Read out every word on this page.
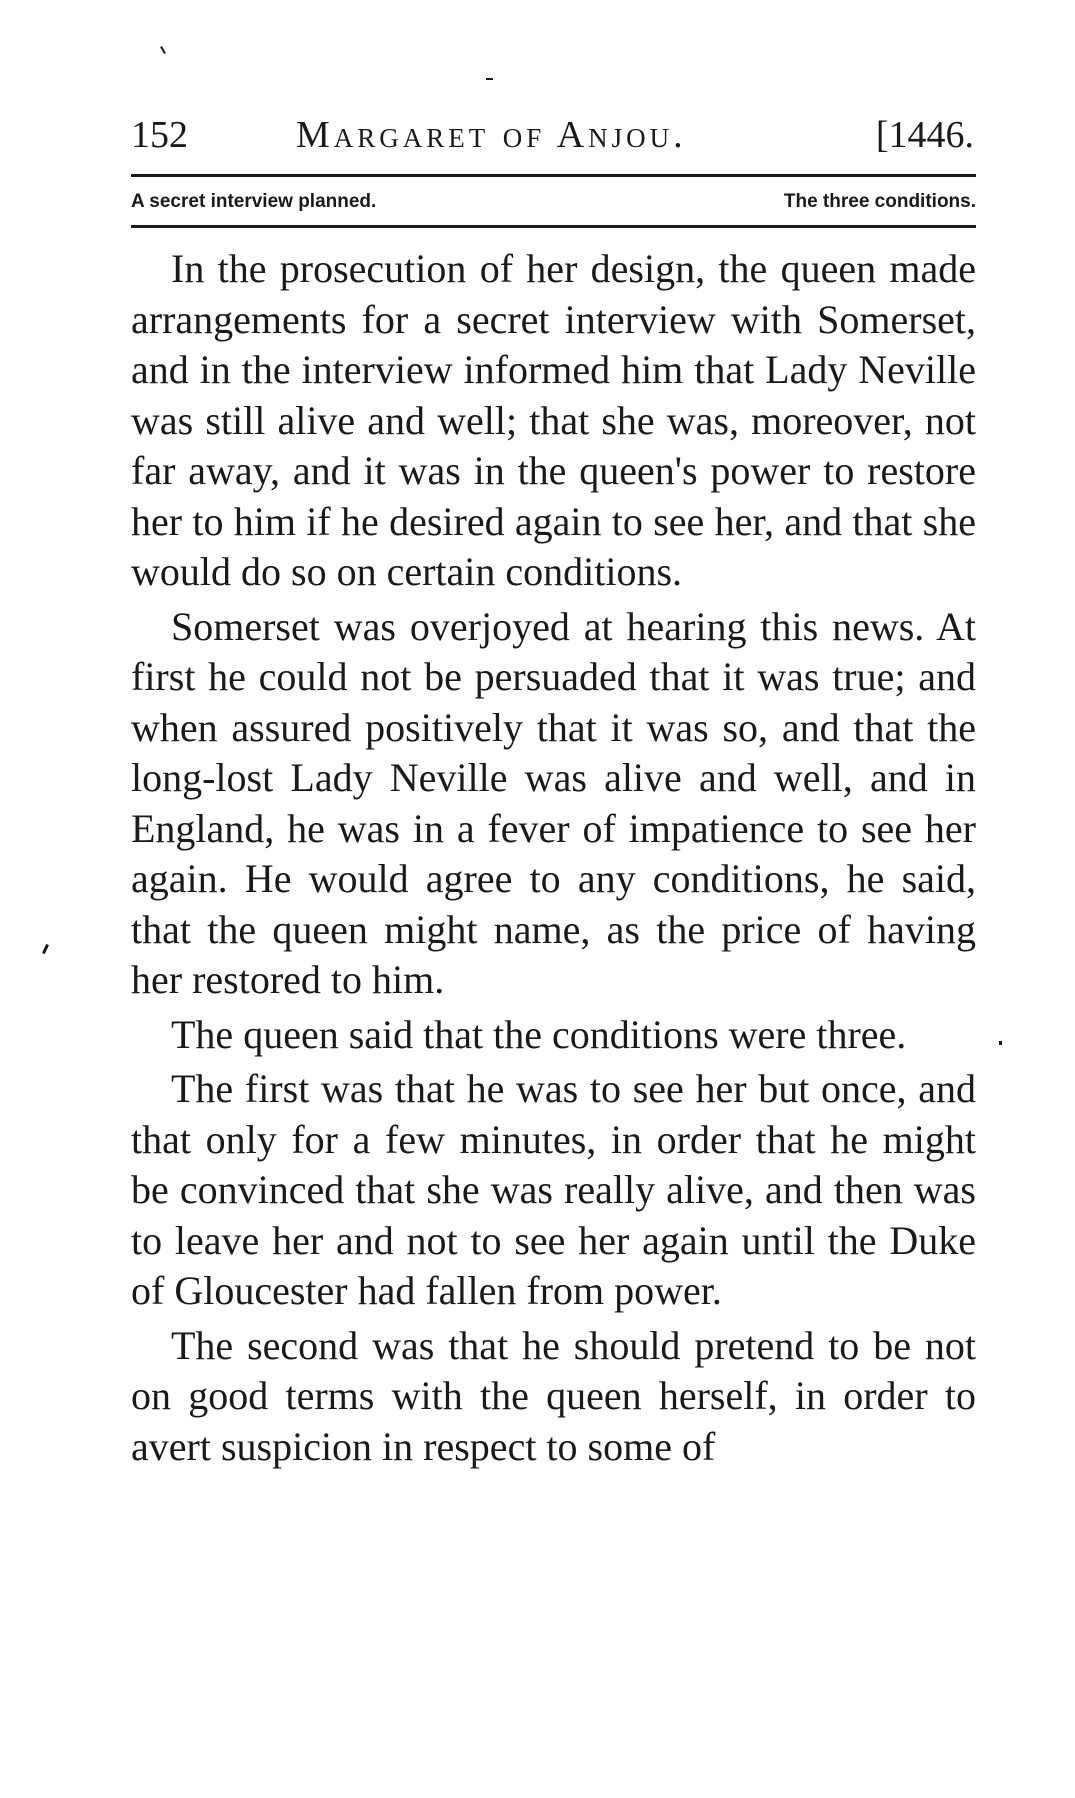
152	Margaret of Anjou.	[1446.
A secret interview planned.	The three conditions.

In the prosecution of her design, the queen made arrangements for a secret interview with Somerset, and in the interview informed him that Lady Neville was still alive and well; that she was, moreover, not far away, and it was in the queen's power to restore her to him if he desired again to see her, and that she would do so on certain conditions.

Somerset was overjoyed at hearing this news. At first he could not be persuaded that it was true; and when assured positively that it was so, and that the long-lost Lady Neville was alive and well, and in England, he was in a fever of impatience to see her again. He would agree to any conditions, he said, that the queen might name, as the price of having her restored to him.

The queen said that the conditions were three.

The first was that he was to see her but once, and that only for a few minutes, in order that he might be convinced that she was really alive, and then was to leave her and not to see her again until the Duke of Gloucester had fallen from power.

The second was that he should pretend to be not on good terms with the queen herself, in order to avert suspicion in respect to some of
